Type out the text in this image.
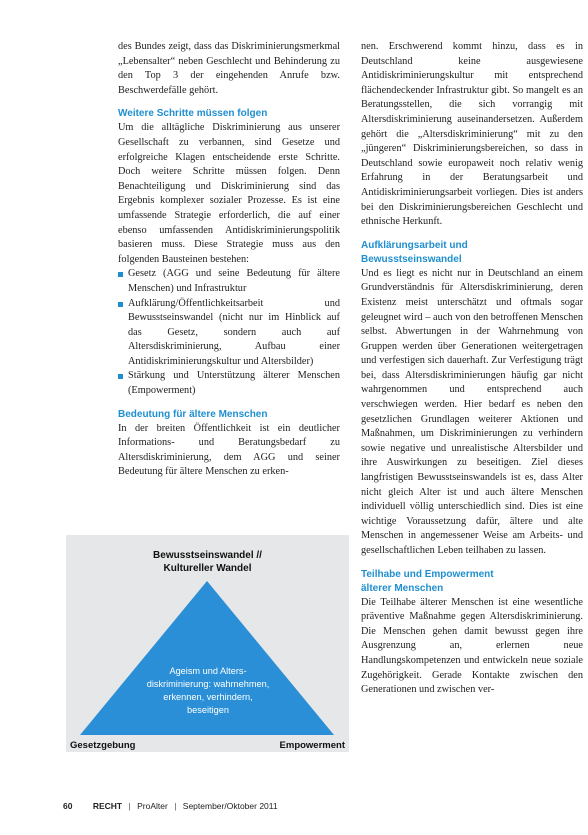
des Bundes zeigt, dass das Diskriminierungsmerkmal „Lebensalter“ neben Geschlecht und Behinderung zu den Top 3 der eingehenden Anrufe bzw. Beschwerdefälle gehört.

Weitere Schritte müssen folgen

Um die alltägliche Diskriminierung aus unserer Gesellschaft zu verbannen, sind Gesetze und erfolgreiche Klagen entscheidende erste Schritte. Doch weitere Schritte müssen folgen. Denn Benachteiligung und Diskriminierung sind das Ergebnis komplexer sozialer Prozesse. Es ist eine umfassende Strategie erforderlich, die auf einer ebenso umfassenden Antidiskriminierungspolitik basieren muss. Diese Strategie muss aus den folgenden Bausteinen bestehen:

Gesetz (AGG und seine Bedeutung für ältere Menschen) und Infrastruktur
Aufklärung/Öffentlichkeitsarbeit und Bewusstseinswandel (nicht nur im Hinblick auf das Gesetz, sondern auch auf Altersdiskriminierung, Aufbau einer Antidiskriminierungskultur und Altersbilder)
Stärkung und Unterstützung älterer Menschen (Empowerment)
Bedeutung für ältere Menschen

In der breiten Öffentlichkeit ist ein deutlicher Informations- und Beratungsbedarf zu Altersdiskriminierung, dem AGG und seiner Bedeutung für ältere Menschen zu erken-

Bewusstseinswandel //
Kultureller Wandel
Ageism und Alters-
diskriminierung: wahrnehmen,
erkennen, verhindern, beseitigen
Gesetzgebung	Empowerment

nen. Erschwerend kommt hinzu, dass es in Deutschland keine ausgewiesene Antidiskriminierungskultur mit entsprechend flächendeckender Infrastruktur gibt. So mangelt es an Beratungsstellen, die sich vorrangig mit Altersdiskriminierung auseinandersetzen. Außerdem gehört die „Altersdiskriminierung“ mit zu den „jüngeren“ Diskriminierungsbereichen, so dass in Deutschland sowie europaweit noch relativ wenig Erfahrung in der Beratungsarbeit und Antidiskriminierungsarbeit vorliegen. Dies ist anders bei den Diskriminierungsbereichen Geschlecht und ethnische Herkunft.

Aufklärungsarbeit und
Bewusstseinswandel

Und es liegt es nicht nur in Deutschland an einem Grundverständnis für Altersdiskriminierung, deren Existenz meist unterschätzt und oftmals sogar geleugnet wird – auch von den betroffenen Menschen selbst. Abwertungen in der Wahrnehmung von Gruppen werden über Generationen weitergetragen und verfestigen sich dauerhaft. Zur Verfestigung trägt bei, dass Altersdiskriminierungen häufig gar nicht wahrgenommen und entsprechend auch verschwiegen werden. Hier bedarf es neben den gesetzlichen Grundlagen weiterer Aktionen und Maßnahmen, um Diskriminierungen zu verhindern sowie negative und unrealistische Altersbilder und ihre Auswirkungen zu beseitigen. Ziel dieses langfristigen Bewusstseinswandels ist es, dass Alter nicht gleich Alter ist und auch ältere Menschen individuell völlig unterschiedlich sind. Dies ist eine wichtige Voraussetzung dafür, ältere und alte Menschen in angemessener Weise am Arbeits- und gesellschaftlichen Leben teilhaben zu lassen.

Teilhabe und Empowerment
älterer Menschen

Die Teilhabe älterer Menschen ist eine wesentliche präventive Maßnahme gegen Altersdiskriminierung. Die Menschen gehen damit bewusst gegen ihre Ausgrenzung an, erlernen neue Handlungskompetenzen und entwickeln neue soziale Zugehörigkeit. Gerade Kontakte zwischen den Generationen und zwischen ver-

60 RECHT | ProAlter | September/Oktober 2011
